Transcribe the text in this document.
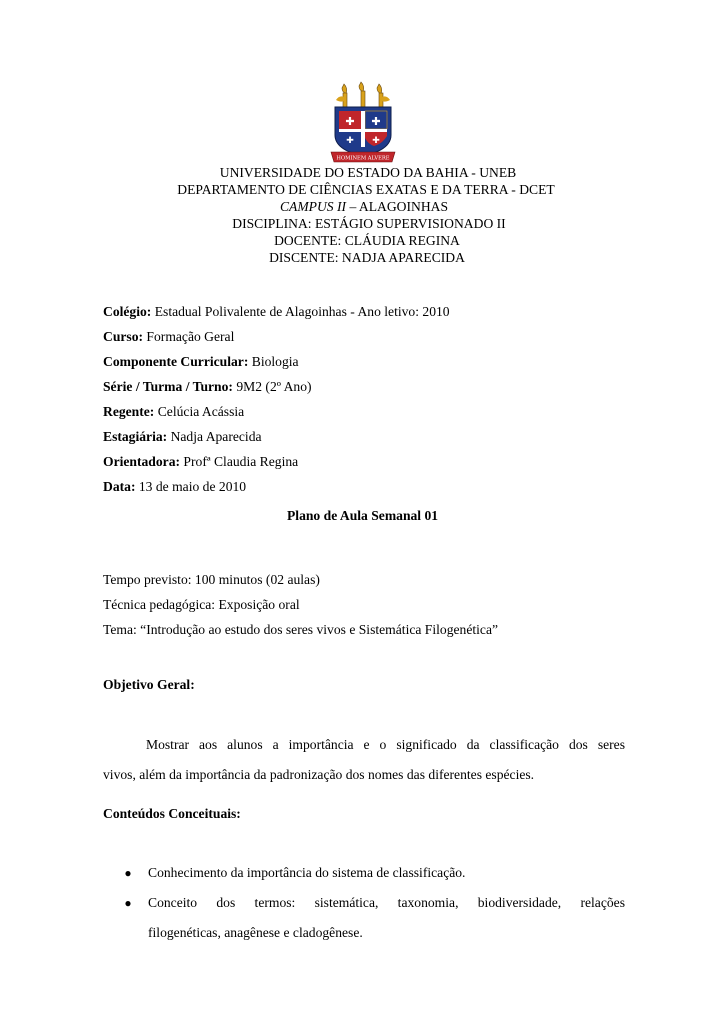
✚ ✚
✚ ✚
HOMINEM ALVERE
UNIVERSIDADE DO ESTADO DA BAHIA - UNEB
DEPARTAMENTO DE CIÊNCIAS EXATAS E DA TERRA - DCET
CAMPUS II – ALAGOINHAS
DISCIPLINA: ESTÁGIO SUPERVISIONADO II
DOCENTE: CLÁUDIA REGINA
DISCENTE: NADJA APARECIDA
Colégio: Estadual Polivalente de Alagoinhas - Ano letivo: 2010
Curso: Formação Geral
Componente Curricular: Biologia
Série / Turma / Turno: 9M2 (2º Ano)
Regente: Celúcia Acássia
Estagiária: Nadja Aparecida
Orientadora: Profª Claudia Regina
Data: 13 de maio de 2010
Plano de Aula Semanal 01
Tempo previsto: 100 minutos (02 aulas)
Técnica pedagógica: Exposição oral
Tema: “Introdução ao estudo dos seres vivos e Sistemática Filogenética”
Objetivo Geral:
Mostrar aos alunos a importância e o significado da classificação dos seres
vivos, além da importância da padronização dos nomes das diferentes espécies.
Conteúdos Conceituais:
● Conhecimento da importância do sistema de classificação.
● Conceito dos termos: sistemática, taxonomia, biodiversidade, relações
filogenéticas, anagênese e cladogênese.
